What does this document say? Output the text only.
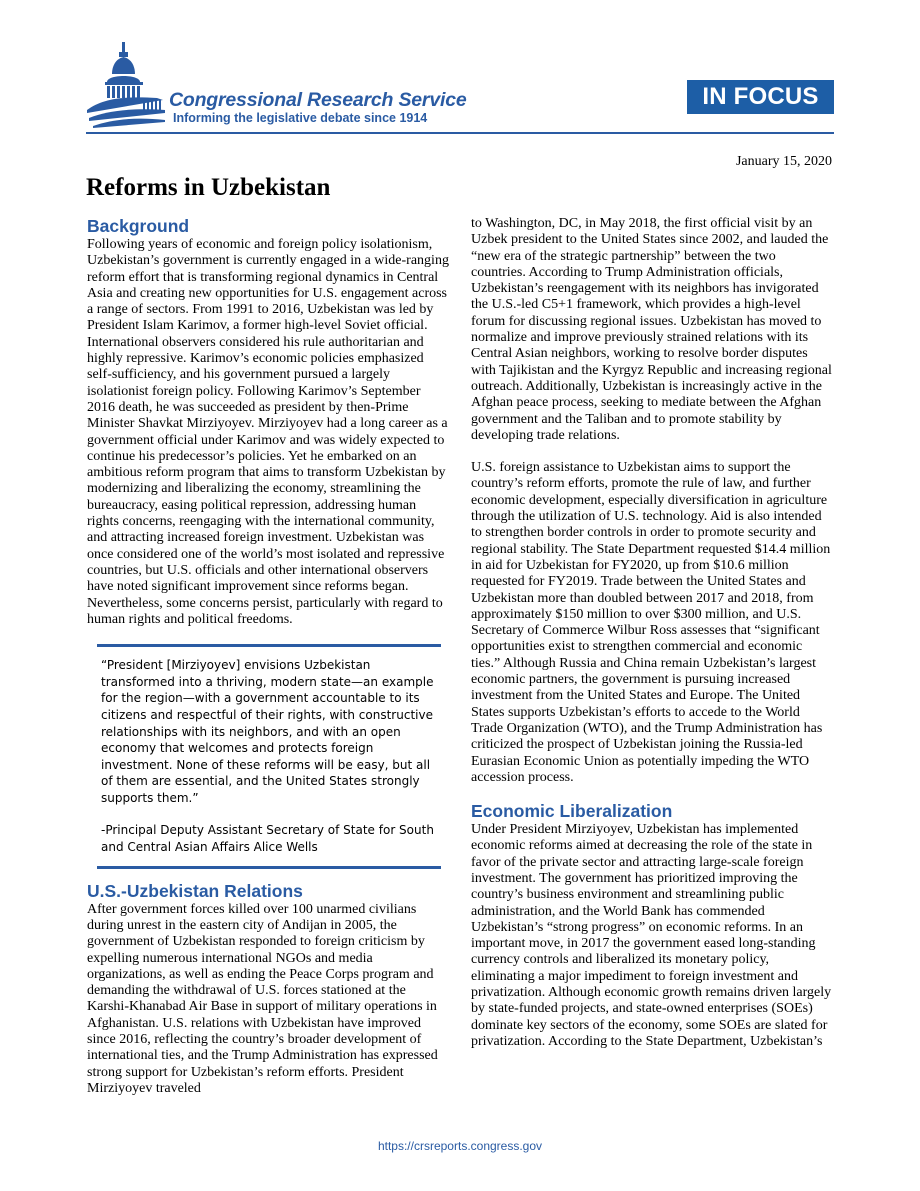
Congressional Research Service
Informing the legislative debate since 1914
IN FOCUS
January 15, 2020
Reforms in Uzbekistan
Background

Following years of economic and foreign policy isolationism, Uzbekistan’s government is currently engaged in a wide-ranging reform effort that is transforming regional dynamics in Central Asia and creating new opportunities for U.S. engagement across a range of sectors. From 1991 to 2016, Uzbekistan was led by President Islam Karimov, a former high-level Soviet official. International observers considered his rule authoritarian and highly repressive. Karimov’s economic policies emphasized self-sufficiency, and his government pursued a largely isolationist foreign policy. Following Karimov’s September 2016 death, he was succeeded as president by then-Prime Minister Shavkat Mirziyoyev. Mirziyoyev had a long career as a government official under Karimov and was widely expected to continue his predecessor’s policies. Yet he embarked on an ambitious reform program that aims to transform Uzbekistan by modernizing and liberalizing the economy, streamlining the bureaucracy, easing political repression, addressing human rights concerns, reengaging with the international community, and attracting increased foreign investment. Uzbekistan was once considered one of the world’s most isolated and repressive countries, but U.S. officials and other international observers have noted significant improvement since reforms began. Nevertheless, some concerns persist, particularly with regard to human rights and political freedoms.

“President [Mirziyoyev] envisions Uzbekistan transformed into a thriving, modern state—an example for the region—with a government accountable to its citizens and respectful of their rights, with constructive relationships with its neighbors, and with an open economy that welcomes and protects foreign investment. None of these reforms will be easy, but all of them are essential, and the United States strongly supports them.”

-Principal Deputy Assistant Secretary of State for South and Central Asian Affairs Alice Wells

U.S.-Uzbekistan Relations

After government forces killed over 100 unarmed civilians during unrest in the eastern city of Andijan in 2005, the government of Uzbekistan responded to foreign criticism by expelling numerous international NGOs and media organizations, as well as ending the Peace Corps program and demanding the withdrawal of U.S. forces stationed at the Karshi-Khanabad Air Base in support of military operations in Afghanistan. U.S. relations with Uzbekistan have improved since 2016, reflecting the country’s broader development of international ties, and the Trump Administration has expressed strong support for Uzbekistan’s reform efforts. President Mirziyoyev traveled

to Washington, DC, in May 2018, the first official visit by an Uzbek president to the United States since 2002, and lauded the “new era of the strategic partnership” between the two countries. According to Trump Administration officials, Uzbekistan’s reengagement with its neighbors has invigorated the U.S.-led C5+1 framework, which provides a high-level forum for discussing regional issues. Uzbekistan has moved to normalize and improve previously strained relations with its Central Asian neighbors, working to resolve border disputes with Tajikistan and the Kyrgyz Republic and increasing regional outreach. Additionally, Uzbekistan is increasingly active in the Afghan peace process, seeking to mediate between the Afghan government and the Taliban and to promote stability by developing trade relations.

U.S. foreign assistance to Uzbekistan aims to support the country’s reform efforts, promote the rule of law, and further economic development, especially diversification in agriculture through the utilization of U.S. technology. Aid is also intended to strengthen border controls in order to promote security and regional stability. The State Department requested $14.4 million in aid for Uzbekistan for FY2020, up from $10.6 million requested for FY2019. Trade between the United States and Uzbekistan more than doubled between 2017 and 2018, from approximately $150 million to over $300 million, and U.S. Secretary of Commerce Wilbur Ross assesses that “significant opportunities exist to strengthen commercial and economic ties.” Although Russia and China remain Uzbekistan’s largest economic partners, the government is pursuing increased investment from the United States and Europe. The United States supports Uzbekistan’s efforts to accede to the World Trade Organization (WTO), and the Trump Administration has criticized the prospect of Uzbekistan joining the Russia-led Eurasian Economic Union as potentially impeding the WTO accession process.

Economic Liberalization

Under President Mirziyoyev, Uzbekistan has implemented economic reforms aimed at decreasing the role of the state in favor of the private sector and attracting large-scale foreign investment. The government has prioritized improving the country’s business environment and streamlining public administration, and the World Bank has commended Uzbekistan’s “strong progress” on economic reforms. In an important move, in 2017 the government eased long-standing currency controls and liberalized its monetary policy, eliminating a major impediment to foreign investment and privatization. Although economic growth remains driven largely by state-funded projects, and state-owned enterprises (SOEs) dominate key sectors of the economy, some SOEs are slated for privatization. According to the State Department, Uzbekistan’s

https://crsreports.congress.gov
